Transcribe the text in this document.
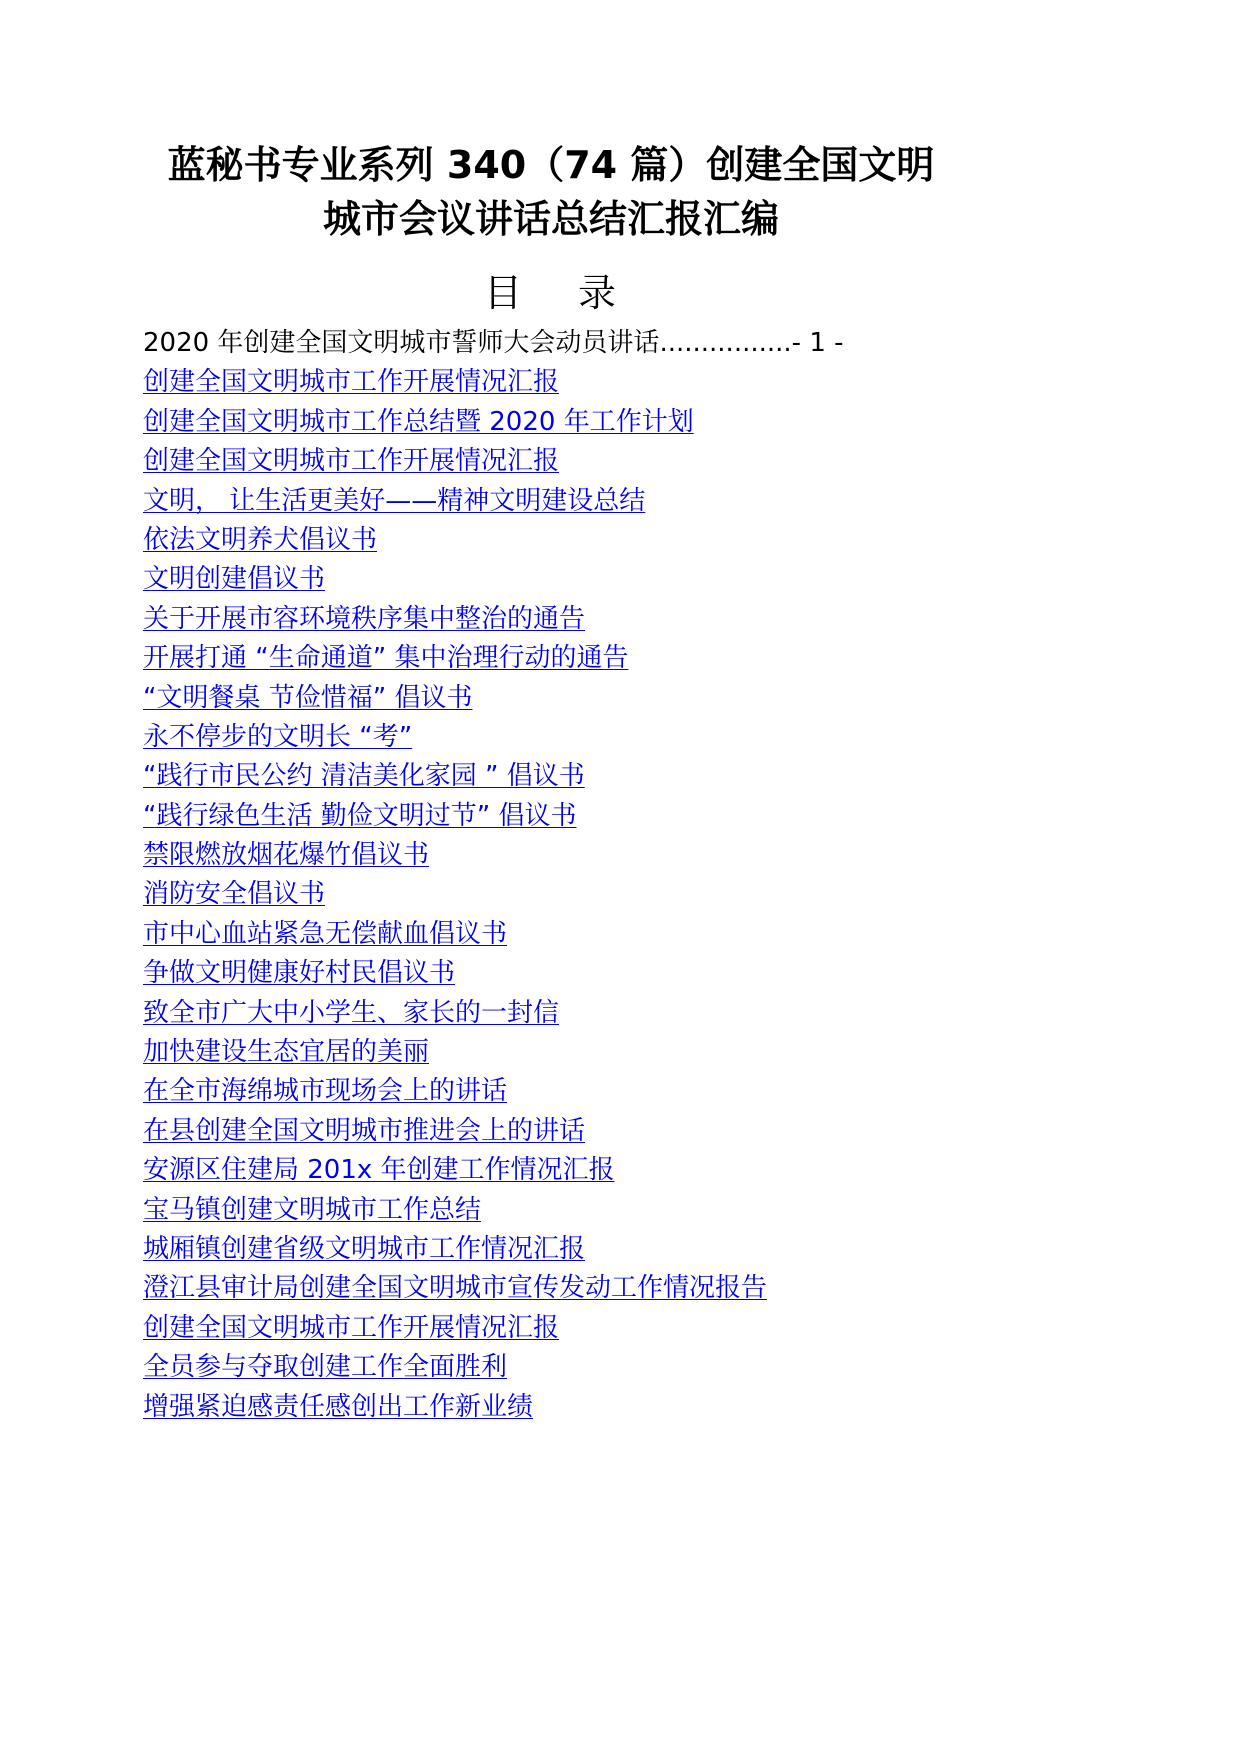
蓝秘书专业系列 340（74 篇）创建全国文明
城市会议讲话总结汇报汇编
目 录
2020 年创建全国文明城市誓师大会动员讲话................- 1 -
创建全国文明城市工作开展情况汇报
创建全国文明城市工作总结暨 2020 年工作计划
创建全国文明城市工作开展情况汇报
文明， 让生活更美好——精神文明建设总结
依法文明养犬倡议书
文明创建倡议书
关于开展市容环境秩序集中整治的通告
开展打通 “生命通道” 集中治理行动的通告
“文明餐桌 节俭惜福” 倡议书
永不停步的文明长 “考”
“践行市民公约 清洁美化家园 ” 倡议书
“践行绿色生活 勤俭文明过节” 倡议书
禁限燃放烟花爆竹倡议书
消防安全倡议书
市中心血站紧急无偿献血倡议书
争做文明健康好村民倡议书
致全市广大中小学生、家长的一封信
加快建设生态宜居的美丽
在全市海绵城市现场会上的讲话
在县创建全国文明城市推进会上的讲话
安源区住建局 201x 年创建工作情况汇报
宝马镇创建文明城市工作总结
城厢镇创建省级文明城市工作情况汇报
澄江县审计局创建全国文明城市宣传发动工作情况报告
创建全国文明城市工作开展情况汇报
全员参与夺取创建工作全面胜利
增强紧迫感责任感创出工作新业绩
